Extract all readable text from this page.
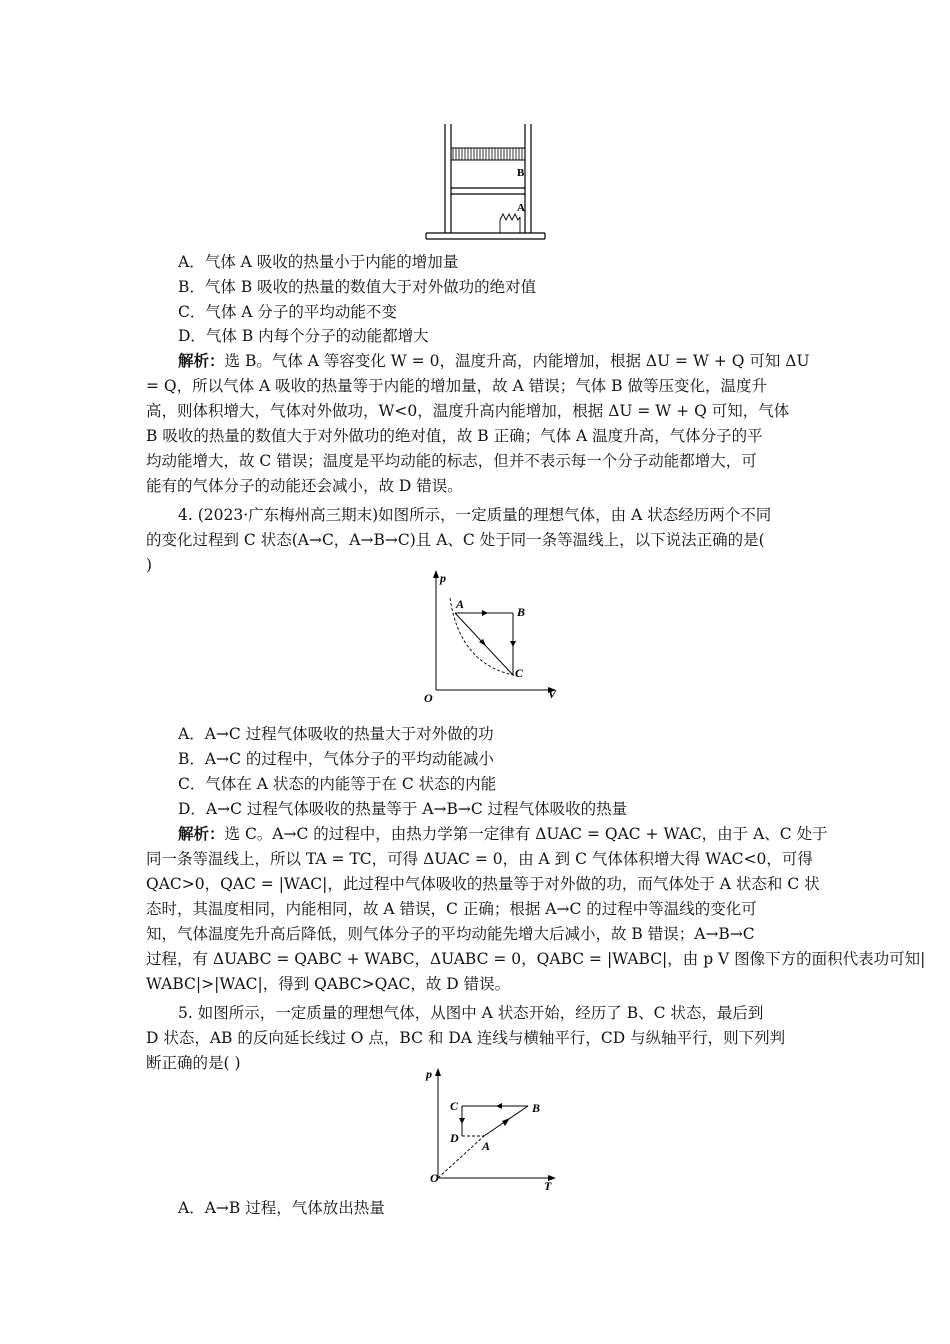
B
A
A．气体 A 吸收的热量小于内能的增加量
B．气体 B 吸收的热量的数值大于对外做功的绝对值
C．气体 A 分子的平均动能不变
D．气体 B 内每个分子的动能都增大
解析：选 B。气体 A 等容变化 W = 0，温度升高，内能增加，根据 ΔU = W + Q 可知 ΔU
= Q，所以气体 A 吸收的热量等于内能的增加量，故 A 错误；气体 B 做等压变化，温度升
高，则体积增大，气体对外做功，W<0，温度升高内能增加，根据 ΔU = W + Q 可知，气体
B 吸收的热量的数值大于对外做功的绝对值，故 B 正确；气体 A 温度升高，气体分子的平
均动能增大，故 C 错误；温度是平均动能的标志，但并不表示每一个分子动能都增大，可
能有的气体分子的动能还会减小，故 D 错误。
4. (2023·广东梅州高三期末)如图所示，一定质量的理想气体，由 A 状态经历两个不同
的变化过程到 C 状态(A→C，A→B→C)且 A、C 处于同一条等温线上，以下说法正确的是(
)
p
V
O
A
B
C
A．A→C 过程气体吸收的热量大于对外做的功
B．A→C 的过程中，气体分子的平均动能减小
C．气体在 A 状态的内能等于在 C 状态的内能
D．A→C 过程气体吸收的热量等于 A→B→C 过程气体吸收的热量
解析：选 C。A→C 的过程中，由热力学第一定律有 ΔUAC = QAC + WAC，由于 A、C 处于
同一条等温线上，所以 TA = TC，可得 ΔUAC = 0，由 A 到 C 气体体积增大得 WAC<0，可得
QAC>0，QAC = |WAC|，此过程中气体吸收的热量等于对外做的功，而气体处于 A 状态和 C 状
态时，其温度相同，内能相同，故 A 错误，C 正确；根据 A→C 的过程中等温线的变化可
知，气体温度先升高后降低，则气体分子的平均动能先增大后减小，故 B 错误；A→B→C
过程，有 ΔUABC = QABC + WABC，ΔUABC = 0，QABC = |WABC|，由 p V 图像下方的面积代表功可知|
WABC|>|WAC|，得到 QABC>QAC，故 D 错误。
5. 如图所示，一定质量的理想气体，从图中 A 状态开始，经历了 B、C 状态，最后到
D 状态，AB 的反向延长线过 O 点，BC 和 DA 连线与横轴平行，CD 与纵轴平行，则下列判
断正确的是( )
p
T
O
C	B
D
A
A．A→B 过程，气体放出热量
